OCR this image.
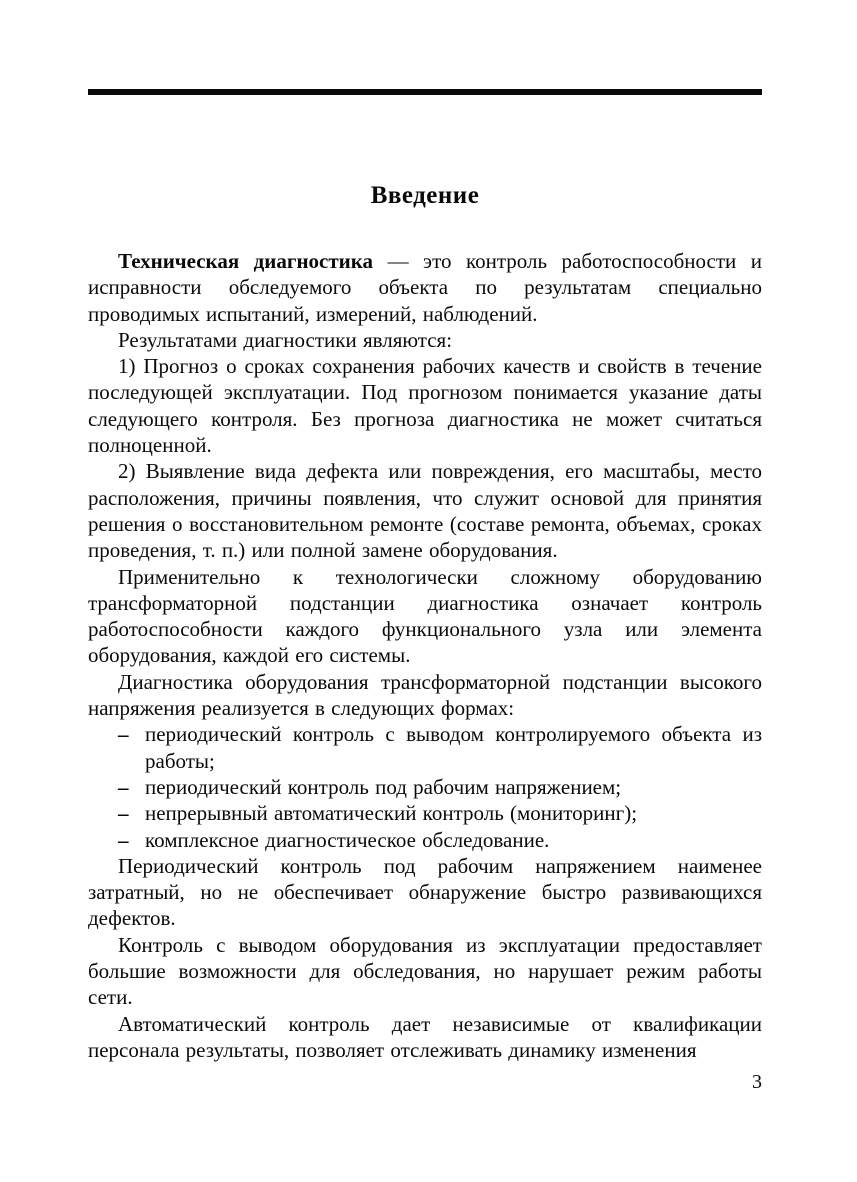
Введение

Техническая диагностика — это контроль работоспособности и исправности обследуемого объекта по результатам специально проводимых испытаний, измерений, наблюдений.

Результатами диагностики являются:

1) Прогноз о сроках сохранения рабочих качеств и свойств в течение последующей эксплуатации. Под прогнозом понимается указание даты следующего контроля. Без прогноза диагностика не может считаться полноценной.

2) Выявление вида дефекта или повреждения, его масштабы, место расположения, причины появления, что служит основой для принятия решения о восстановительном ремонте (составе ремонта, объемах, сроках проведения, т. п.) или полной замене оборудования.

Применительно к технологически сложному оборудованию трансформаторной подстанции диагностика означает контроль работоспособности каждого функционального узла или элемента оборудования, каждой его системы.

Диагностика оборудования трансформаторной подстанции высокого напряжения реализуется в следующих формах:

– периодический контроль с выводом контролируемого объекта из работы;
– периодический контроль под рабочим напряжением;
– непрерывный автоматический контроль (мониторинг);
– комплексное диагностическое обследование.

Периодический контроль под рабочим напряжением наименее затратный, но не обеспечивает обнаружение быстро развивающихся дефектов.

Контроль с выводом оборудования из эксплуатации предоставляет большие возможности для обследования, но нарушает режим работы сети.

Автоматический контроль дает независимые от квалификации персонала результаты, позволяет отслеживать динамику изменения

3
